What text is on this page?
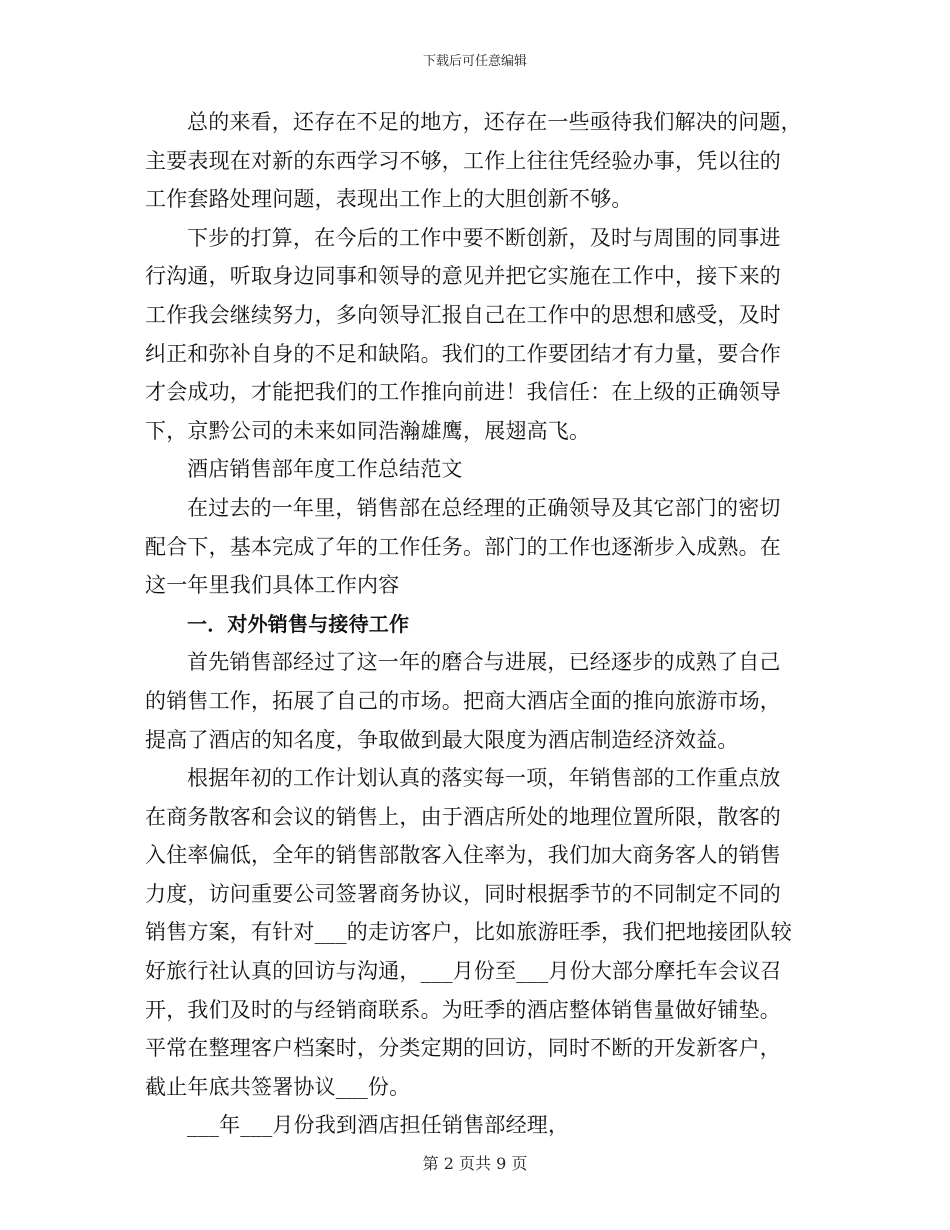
下载后可任意编辑
总的来看，还存在不足的地方，还存在一些亟待我们解决的问题，
主要表现在对新的东西学习不够，工作上往往凭经验办事，凭以往的
工作套路处理问题，表现出工作上的大胆创新不够。
下步的打算，在今后的工作中要不断创新，及时与周围的同事进
行沟通，听取身边同事和领导的意见并把它实施在工作中，接下来的
工作我会继续努力，多向领导汇报自己在工作中的思想和感受，及时
纠正和弥补自身的不足和缺陷。我们的工作要团结才有力量，要合作
才会成功，才能把我们的工作推向前进！我信任：在上级的正确领导
下，京黔公司的未来如同浩瀚雄鹰，展翅高飞。
酒店销售部年度工作总结范文
在过去的一年里，销售部在总经理的正确领导及其它部门的密切
配合下，基本完成了年的工作任务。部门的工作也逐渐步入成熟。在
这一年里我们具体工作内容
一．对外销售与接待工作
首先销售部经过了这一年的磨合与进展，已经逐步的成熟了自己
的销售工作，拓展了自己的市场。把商大酒店全面的推向旅游市场，
提高了酒店的知名度，争取做到最大限度为酒店制造经济效益。
根据年初的工作计划认真的落实每一项，年销售部的工作重点放
在商务散客和会议的销售上，由于酒店所处的地理位置所限，散客的
入住率偏低，全年的销售部散客入住率为，我们加大商务客人的销售
力度，访问重要公司签署商务协议，同时根据季节的不同制定不同的
销售方案，有针对___的走访客户，比如旅游旺季，我们把地接团队较
好旅行社认真的回访与沟通，___月份至___月份大部分摩托车会议召
开，我们及时的与经销商联系。为旺季的酒店整体销售量做好铺垫。
平常在整理客户档案时，分类定期的回访，同时不断的开发新客户，
截止年底共签署协议___份。
___年___月份我到酒店担任销售部经理，
第 2 页共 9 页
